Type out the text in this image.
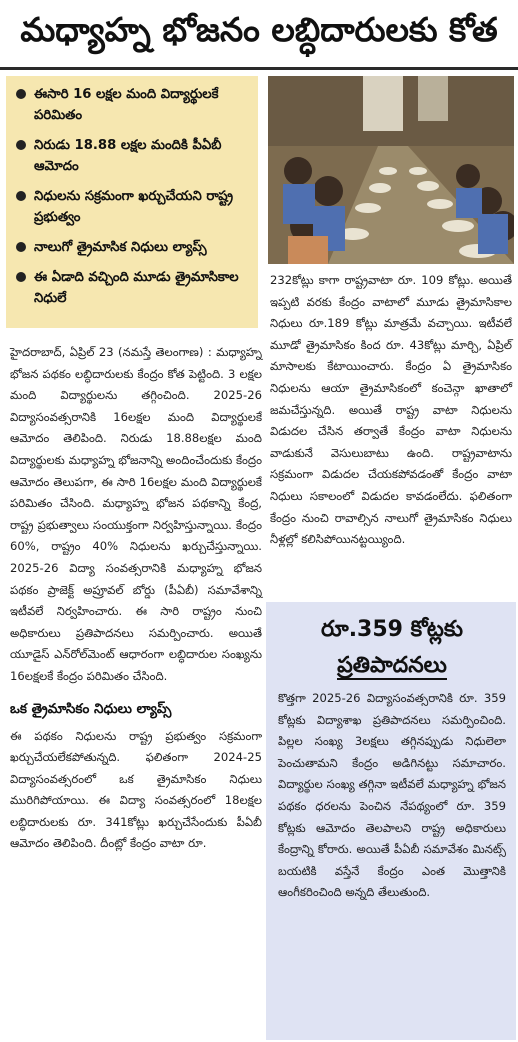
మధ్యాహ్న భోజనం లబ్ధిదారులకు కోత
ఈసారి 16 లక్షల మంది విద్యార్థులకే పరిమితం
నిరుడు 18.88 లక్షల మందికి పీఏబీ ఆమోదం
నిధులను సక్రమంగా ఖర్చుచేయని రాష్ట్ర ప్రభుత్వం
నాలుగో త్రైమాసిక నిధులు ల్యాప్స్‌
ఈ ఏడాది వచ్చింది మూడు త్రైమాసికాల నిధులే

232కోట్లు కాగా రాష్ట్రవాటా రూ. 109 కోట్లు. అయితే ఇప్పటి వరకు కేంద్రం వాటాలో మూడు త్రైమాసికాల నిధులు రూ.189 కోట్లు మాత్రమే వచ్చాయి. ఇటీవలే మూడో త్రైమాసికం కింద రూ. 43కోట్లు మార్చి, ఏప్రిల్‌ మాసాలకు కేటాయించారు. కేంద్రం ఏ త్రైమాసికం నిధులను ఆయా త్రైమాసికంలో కంచెన్గా ఖాతాలో జమచేస్తున్నది. అయితే రాష్ట్ర వాటా నిధులను విడుదల చేసిన తర్వాతే కేంద్రం వాటా నిధులను వాడుకునే వెసులుబాటు ఉంది. రాష్ట్రవాటాను సక్రమంగా విడుదల చేయకపోవడంతో కేంద్రం వాటా నిధులు సకాలంలో విడుదల కావడంలేదు. ఫలితంగా కేంద్రం నుంచి రావాల్సిన నాలుగో త్రైమాసికం నిధులు నీళ్లల్లో కలిసిపోయినట్టయ్యింది.

హైదరాబాద్‌, ఏప్రిల్‌ 23 (నమస్తే తెలంగాణ) : మధ్యాహ్న భోజన పథకం లబ్ధిదారులకు కేంద్రం కోత పెట్టింది. 3 లక్షల మంది విద్యార్థులను తగ్గించింది. 2025-26 విద్యాసంవత్సరానికి 16లక్షల మంది విద్యార్థులకే ఆమోదం తెలిపింది. నిరుడు 18.88లక్షల మంది విద్యార్థులకు మధ్యాహ్న భోజనాన్ని అందించేందుకు కేంద్రం ఆమోదం తెలుపగా, ఈ సారి 16లక్షల మంది విద్యార్థులకే పరిమితం చేసింది. మధ్యాహ్న భోజన పథకాన్ని కేంద్ర, రాష్ట్ర ప్రభుత్వాలు సంయుక్తంగా నిర్వహిస్తున్నాయి. కేంద్రం 60%, రాష్ట్రం 40% నిధులను ఖర్చుచేస్తున్నాయి. 2025-26 విద్యా సంవత్సరానికి మధ్యాహ్న భోజన పథకం ప్రాజెక్ట్‌ అప్రూవల్‌ బోర్డు (పీఏబీ) సమావేశాన్ని ఇటీవలే నిర్వహించారు. ఈ సారి రాష్ట్రం నుంచి అధికారులు ప్రతిపాదనలు సమర్పించారు. అయితే యూడైస్‌ ఎన్‌రోల్‌మెంట్‌ ఆధారంగా లబ్ధిదారుల సంఖ్యను 16లక్షలకే కేంద్రం పరిమితం చేసింది.

ఒక త్రైమాసికం నిధులు ల్యాప్స్‌

ఈ పథకం నిధులను రాష్ట్ర ప్రభుత్వం సక్రమంగా ఖర్చుచేయలేకపోతున్నది. ఫలితంగా 2024-25 విద్యాసంవత్సరంలో ఒక త్రైమాసికం నిధులు మురిగిపోయాయి. ఈ విద్యా సంవత్సరంలో 18లక్షల లబ్ధిదారులకు రూ. 341కోట్లు ఖర్చుచేసేందుకు పీఏబీ ఆమోదం తెలిపింది. దీంట్లో కేంద్రం వాటా రూ.

రూ.359 కోట్లకు
ప్రతిపాదనలు

కొత్తగా 2025-26 విద్యాసంవత్సరానికి రూ. 359 కోట్లకు విద్యాశాఖ ప్రతిపాదనలు సమర్పించింది. పిల్లల సంఖ్య 3లక్షలు తగ్గినప్పుడు నిధులెలా పెంచుతామని కేంద్రం అడిగినట్టు సమాచారం. విద్యార్థుల సంఖ్య తగ్గినా ఇటీవలే మధ్యాహ్న భోజన పథకం ధరలను పెంచిన నేపథ్యంలో రూ. 359 కోట్లకు ఆమోదం తెలపాలని రాష్ట్ర అధికారులు కేంద్రాన్ని కోరారు. అయితే పీఏబీ సమావేశం మినట్స్‌ బయటికి వస్తేనే కేంద్రం ఎంత మొత్తానికి ఆంగీకరించింది అన్నది తేలుతుంది.
